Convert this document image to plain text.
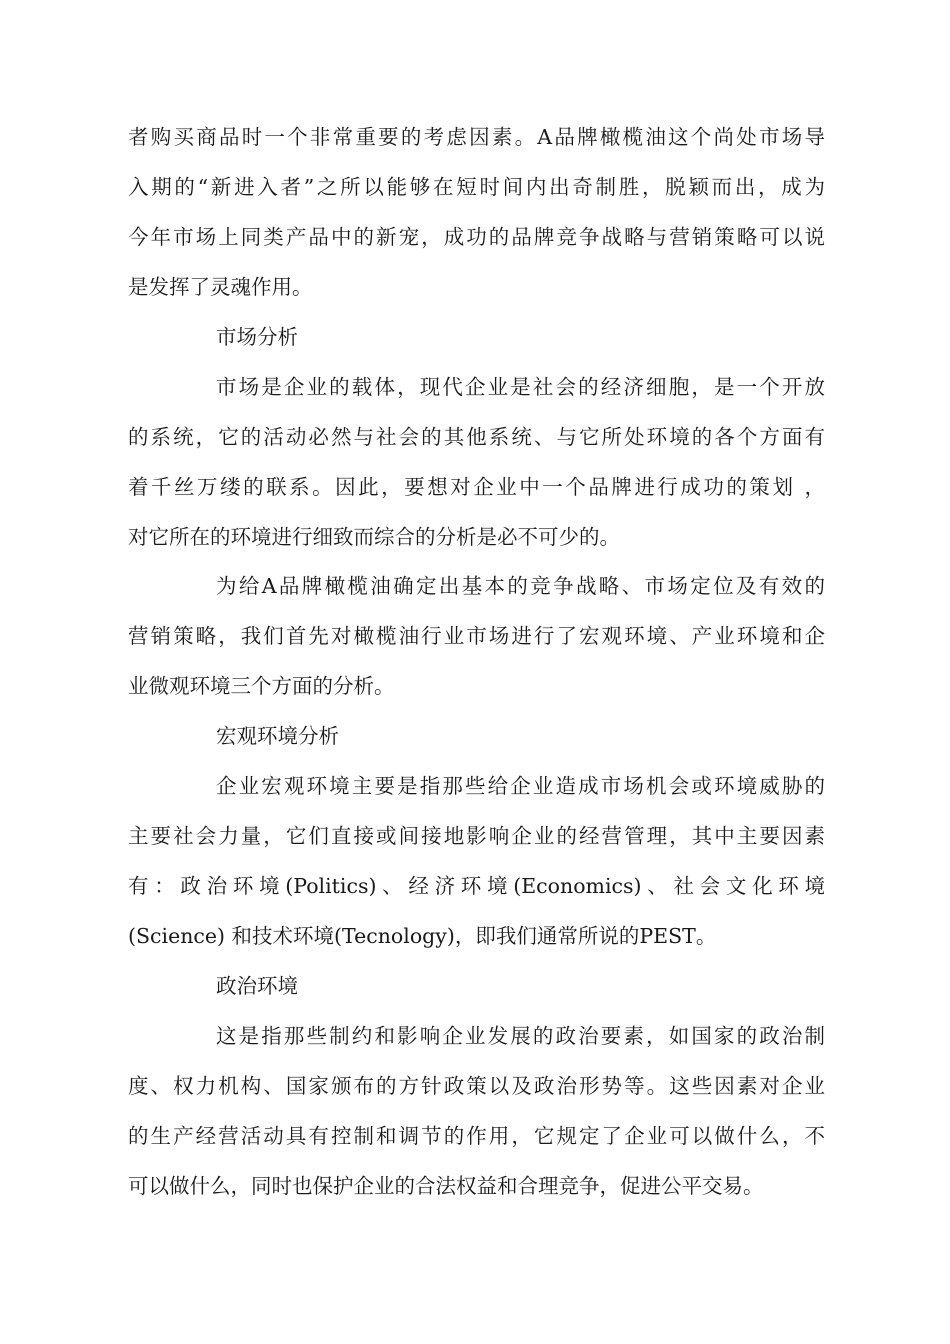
者购买商品时一个非常重要的考虑因素。A品牌橄榄油这个尚处市场导
入期的“新进入者”之所以能够在短时间内出奇制胜，脱颖而出，成为
今年市场上同类产品中的新宠，成功的品牌竞争战略与营销策略可以说
是发挥了灵魂作用。
市场分析
市场是企业的载体，现代企业是社会的经济细胞，是一个开放
的系统，它的活动必然与社会的其他系统、与它所处环境的各个方面有
着千丝万缕的联系。因此，要想对企业中一个品牌进行成功的策划 ，
对它所在的环境进行细致而综合的分析是必不可少的。
为给A品牌橄榄油确定出基本的竞争战略、市场定位及有效的
营销策略，我们首先对橄榄油行业市场进行了宏观环境、产业环境和企
业微观环境三个方面的分析。
宏观环境分析
企业宏观环境主要是指那些给企业造成市场机会或环境威胁的
主要社会力量，它们直接或间接地影响企业的经营管理，其中主要因素
有：政治环境(Politics)、经济环境(Economics)、社会文化环境
(Science) 和技术环境(Tecnology)，即我们通常所说的PEST。
政治环境
这是指那些制约和影响企业发展的政治要素，如国家的政治制
度、权力机构、国家颁布的方针政策以及政治形势等。这些因素对企业
的生产经营活动具有控制和调节的作用，它规定了企业可以做什么，不
可以做什么，同时也保护企业的合法权益和合理竞争，促进公平交易。
